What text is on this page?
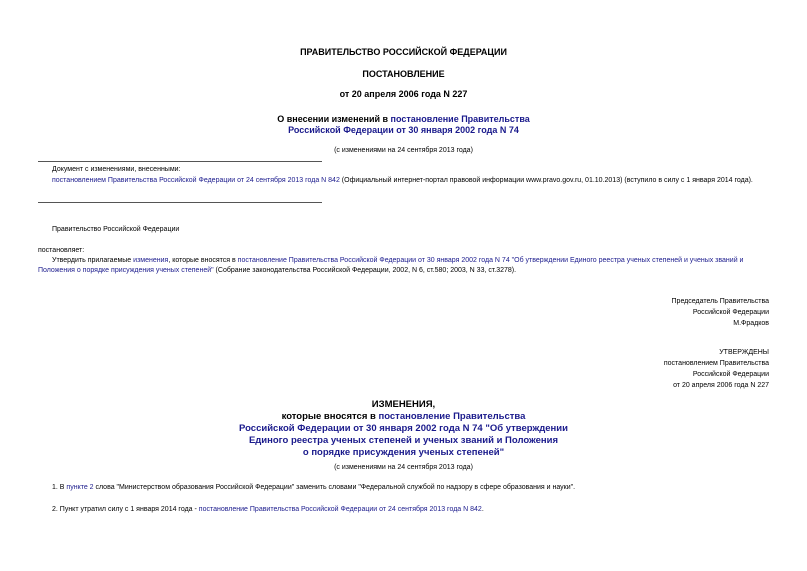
ПРАВИТЕЛЬСТВО РОССИЙСКОЙ ФЕДЕРАЦИИ
ПОСТАНОВЛЕНИЕ
от 20 апреля 2006 года N 227
О внесении изменений в постановление Правительства
Российской Федерации от 30 января 2002 года N 74
(с изменениями на 24 сентября 2013 года)
Документ с изменениями, внесенными:
постановлением Правительства Российской Федерации от 24 сентября 2013 года N 842 (Официальный интернет-портал правовой информации www.pravo.gov.ru, 01.10.2013) (вступило в силу с 1 января 2014 года).
Правительство Российской Федерации
постановляет:
Утвердить прилагаемые изменения, которые вносятся в постановление Правительства Российской Федерации от 30 января 2002 года N 74 "Об утверждении Единого реестра ученых степеней и ученых званий и Положения о порядке присуждения ученых степеней" (Собрание законодательства Российской Федерации, 2002, N 6, ст.580; 2003, N 33, ст.3278).
Председатель Правительства
Российской Федерации
М.Фрадков
УТВЕРЖДЕНЫ
постановлением Правительства
Российской Федерации
от 20 апреля 2006 года N 227
ИЗМЕНЕНИЯ,
которые вносятся в постановление Правительства
Российской Федерации от 30 января 2002 года N 74 "Об утверждении
Единого реестра ученых степеней и ученых званий и Положения
о порядке присуждения ученых степеней"
(с изменениями на 24 сентября 2013 года)
1. В пункте 2 слова "Министерством образования Российской Федерации" заменить словами "Федеральной службой по надзору в сфере образования и науки".
2. Пункт утратил силу с 1 января 2014 года - постановление Правительства Российской Федерации от 24 сентября 2013 года N 842.
